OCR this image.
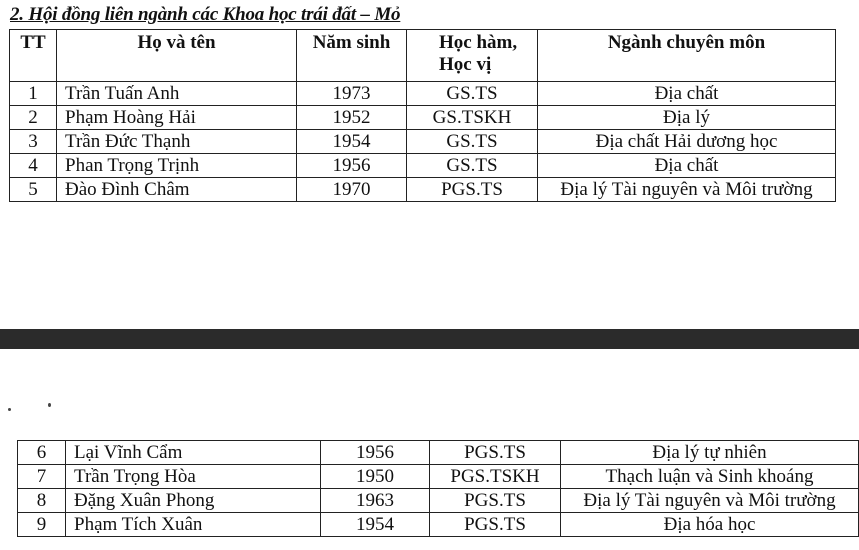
2. Hội đồng liên ngành các Khoa học trái đất – Mỏ
TT	Họ và tên	Năm sinh	Học hàm,
Học vị	Ngành chuyên môn
1	Trần Tuấn Anh	1973	GS.TS	Địa chất
2	Phạm Hoàng Hải	1952	GS.TSKH	Địa lý
3	Trần Đức Thạnh	1954	GS.TS	Địa chất Hải dương học
4	Phan Trọng Trịnh	1956	GS.TS	Địa chất
5	Đào Đình Châm	1970	PGS.TS	Địa lý Tài nguyên và Môi trường
6	Lại Vĩnh Cẩm	1956	PGS.TS	Địa lý tự nhiên
7	Trần Trọng Hòa	1950	PGS.TSKH	Thạch luận và Sinh khoáng
8	Đặng Xuân Phong	1963	PGS.TS	Địa lý Tài nguyên và Môi trường
9	Phạm Tích Xuân	1954	PGS.TS	Địa hóa học
